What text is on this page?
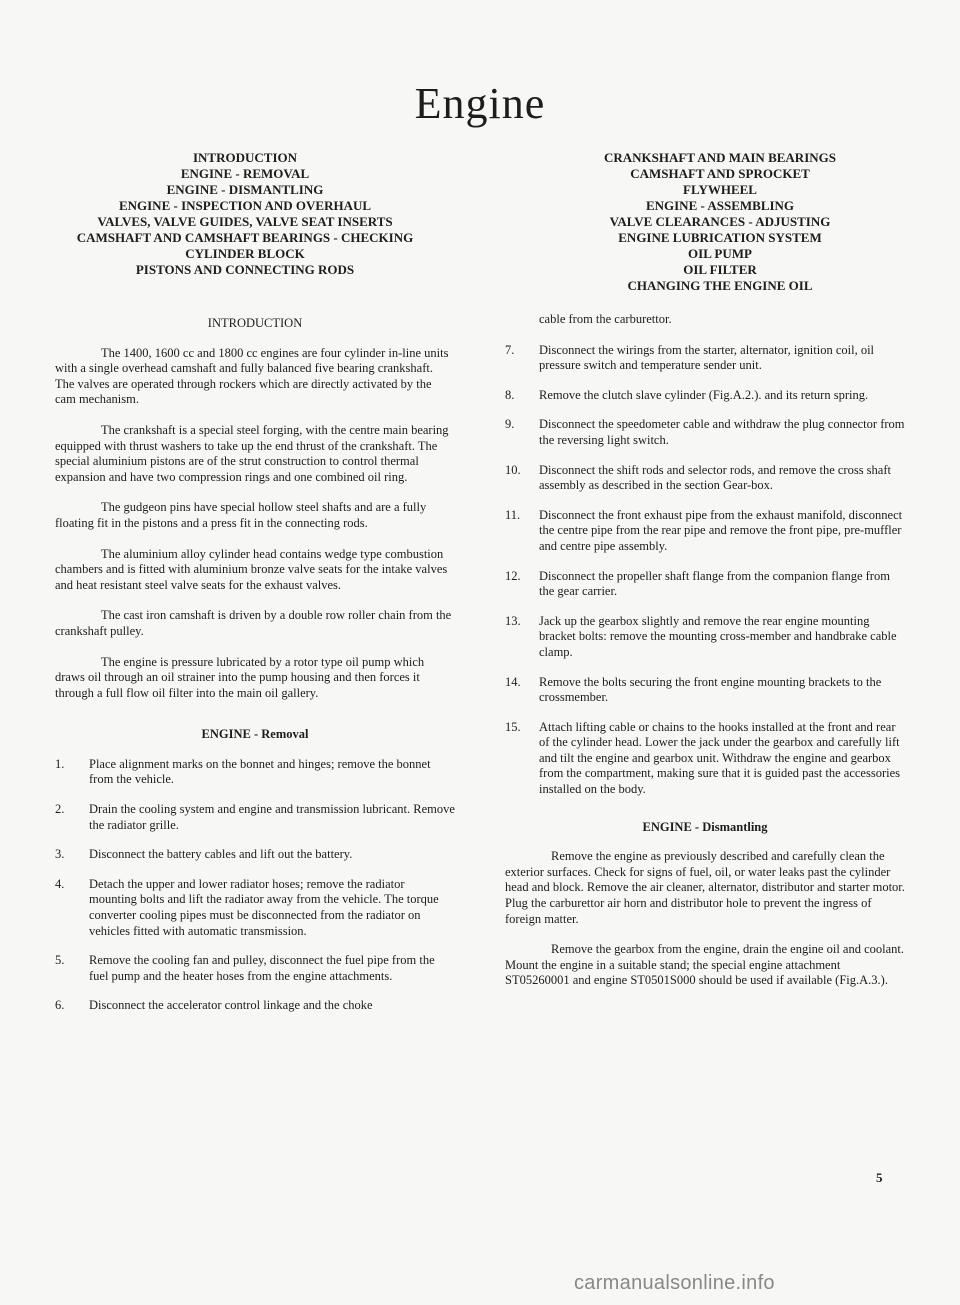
Engine
INTRODUCTION
ENGINE - REMOVAL
ENGINE - DISMANTLING
ENGINE - INSPECTION AND OVERHAUL
VALVES, VALVE GUIDES, VALVE SEAT INSERTS
CAMSHAFT AND CAMSHAFT BEARINGS - CHECKING
CYLINDER BLOCK
PISTONS AND CONNECTING RODS
CRANKSHAFT AND MAIN BEARINGS
CAMSHAFT AND SPROCKET
FLYWHEEL
ENGINE - ASSEMBLING
VALVE CLEARANCES - ADJUSTING
ENGINE LUBRICATION SYSTEM
OIL PUMP
OIL FILTER
CHANGING THE ENGINE OIL
INTRODUCTION

The 1400, 1600 cc and 1800 cc engines are four cylinder in-line units with a single overhead camshaft and fully balanced five bearing crankshaft. The valves are operated through rockers which are directly activated by the cam mechanism.

The crankshaft is a special steel forging, with the centre main bearing equipped with thrust washers to take up the end thrust of the crankshaft. The special aluminium pistons are of the strut construction to control thermal expansion and have two compression rings and one combined oil ring.

The gudgeon pins have special hollow steel shafts and are a fully floating fit in the pistons and a press fit in the connecting rods.

The aluminium alloy cylinder head contains wedge type combustion chambers and is fitted with aluminium bronze valve seats for the intake valves and heat resistant steel valve seats for the exhaust valves.

The cast iron camshaft is driven by a double row roller chain from the crankshaft pulley.

The engine is pressure lubricated by a rotor type oil pump which draws oil through an oil strainer into the pump housing and then forces it through a full flow oil filter into the main oil gallery.

ENGINE - Removal
1.	Place alignment marks on the bonnet and hinges; remove the bonnet from the vehicle.
2.	Drain the cooling system and engine and transmission lubricant. Remove the radiator grille.
3.	Disconnect the battery cables and lift out the battery.
4.	Detach the upper and lower radiator hoses; remove the radiator mounting bolts and lift the radiator away from the vehicle. The torque converter cooling pipes must be disconnected from the radiator on vehicles fitted with automatic transmission.
5.	Remove the cooling fan and pulley, disconnect the fuel pipe from the fuel pump and the heater hoses from the engine attachments.
6.	Disconnect the accelerator control linkage and the choke
cable from the carburettor.
7.	Disconnect the wirings from the starter, alternator, ignition coil, oil pressure switch and temperature sender unit.
8.	Remove the clutch slave cylinder (Fig.A.2.). and its return spring.
9.	Disconnect the speedometer cable and withdraw the plug connector from the reversing light switch.
10.	Disconnect the shift rods and selector rods, and remove the cross shaft assembly as described in the section Gear-box.
11.	Disconnect the front exhaust pipe from the exhaust manifold, disconnect the centre pipe from the rear pipe and remove the front pipe, pre-muffler and centre pipe assembly.
12.	Disconnect the propeller shaft flange from the companion flange from the gear carrier.
13.	Jack up the gearbox slightly and remove the rear engine mounting bracket bolts: remove the mounting cross-member and handbrake cable clamp.
14.	Remove the bolts securing the front engine mounting brackets to the crossmember.
15.	Attach lifting cable or chains to the hooks installed at the front and rear of the cylinder head. Lower the jack under the gearbox and carefully lift and tilt the engine and gearbox unit. Withdraw the engine and gearbox from the compartment, making sure that it is guided past the accessories installed on the body.
ENGINE - Dismantling

Remove the engine as previously described and carefully clean the exterior surfaces. Check for signs of fuel, oil, or water leaks past the cylinder head and block. Remove the air cleaner, alternator, distributor and starter motor. Plug the carburettor air horn and distributor hole to prevent the ingress of foreign matter.

Remove the gearbox from the engine, drain the engine oil and coolant. Mount the engine in a suitable stand; the special engine attachment ST05260001 and engine ST0501S000 should be used if available (Fig.A.3.).

5
carmanualsonline.info
